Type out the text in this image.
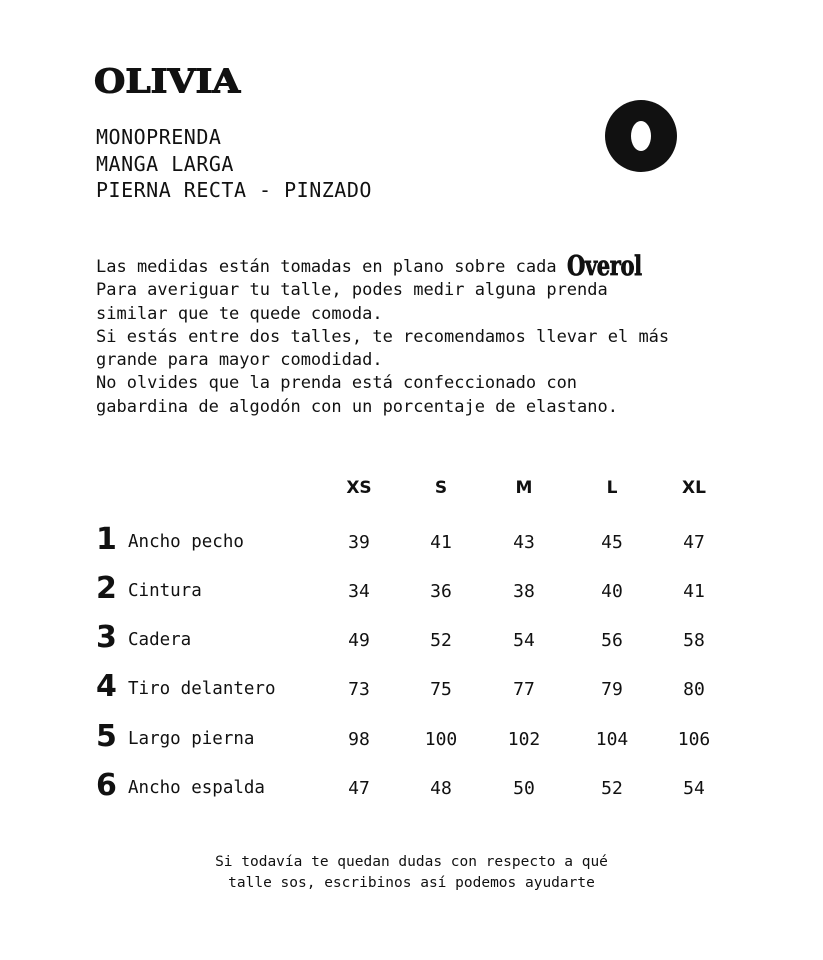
OLIVIA
MONOPRENDA
MANGA LARGA
PIERNA RECTA - PINZADO
Las medidas están tomadas en plano sobre cada Overol
Para averiguar tu talle, podes medir alguna prenda
similar que te quede comoda.
Si estás entre dos talles, te recomendamos llevar el más
grande para mayor comodidad.
No olvides que la prenda está confeccionado con
gabardina de algodón con un porcentaje de elastano.
XS	S	M	L	XL
1 Ancho pecho	39	41	43	45	47
2 Cintura	34	36	38	40	41
3 Cadera	49	52	54	56	58
4 Tiro delantero	73	75	77	79	80
5 Largo pierna	98	100	102	104	106
6 Ancho espalda	47	48	50	52	54
Si todavía te quedan dudas con respecto a qué
talle sos, escribinos así podemos ayudarte
